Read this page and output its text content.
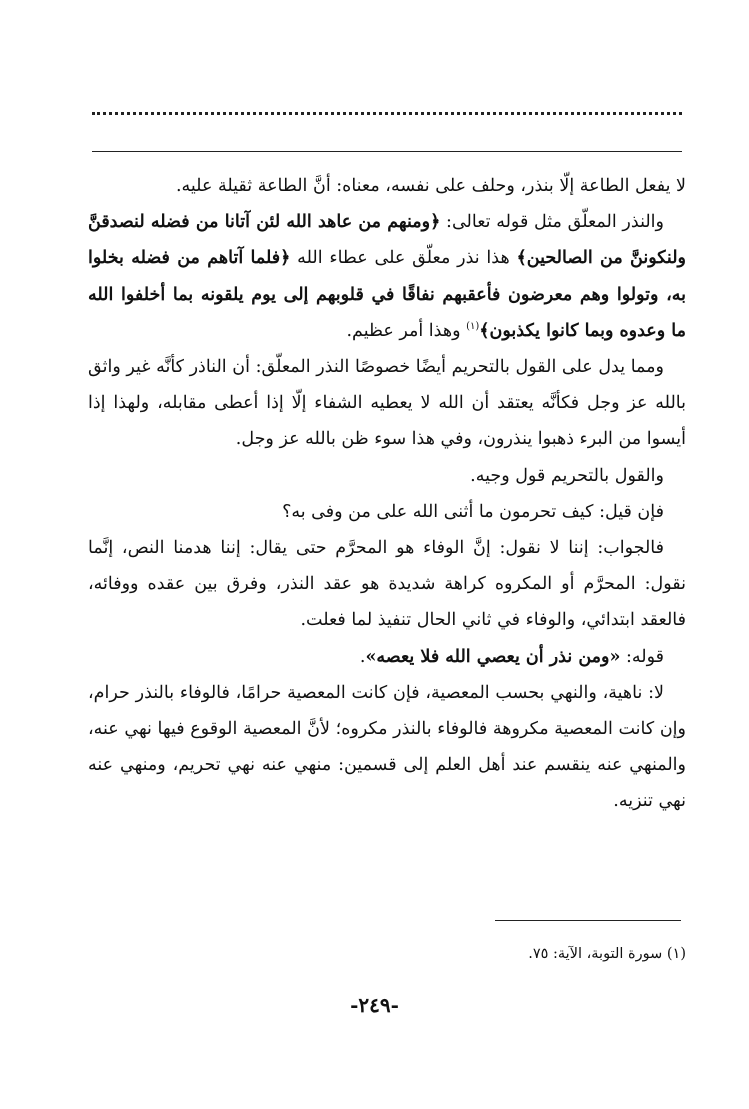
لا يفعل الطاعة إلّا بنذر، وحلف على نفسه، معناه: أنَّ الطاعة ثقيلة عليه.

والنذر المعلّق مثل قوله تعالى: ﴿ومنهم من عاهد الله لئن آتانا من فضله لنصدقنَّ ولنكوننَّ من الصالحين﴾ هذا نذر معلّق على عطاء الله ﴿فلما آتاهم من فضله بخلوا به، وتولوا وهم معرضون فأعقبهم نفاقًا في قلوبهم إلى يوم يلقونه بما أخلفوا الله ما وعدوه وبما كانوا يكذبون﴾$^{(١)}$ وهذا أمر عظيم.

ومما يدل على القول بالتحريم أيضًا خصوصًا النذر المعلّق: أن الناذر كأنَّه غير واثق بالله عز وجل فكأنَّه يعتقد أن الله لا يعطيه الشفاء إلّا إذا أعطى مقابله، ولهذا إذا أيسوا من البرء ذهبوا ينذرون، وفي هذا سوء ظن بالله عز وجل.

والقول بالتحريم قول وجيه.

فإن قيل: كيف تحرمون ما أثنى الله على من وفى به؟

فالجواب: إننا لا نقول: إنَّ الوفاء هو المحرَّم حتى يقال: إننا هدمنا النص، إنَّما نقول: المحرَّم أو المكروه كراهة شديدة هو عقد النذر، وفرق بين عقده ووفائه، فالعقد ابتدائي، والوفاء في ثاني الحال تنفيذ لما فعلت.

قوله: «ومن نذر أن يعصي الله فلا يعصه».

لا: ناهية، والنهي بحسب المعصية، فإن كانت المعصية حرامًا، فالوفاء بالنذر حرام، وإن كانت المعصية مكروهة فالوفاء بالنذر مكروه؛ لأنَّ المعصية الوقوع فيها نهي عنه، والمنهي عنه ينقسم عند أهل العلم إلى قسمين: منهي عنه نهي تحريم، ومنهي عنه نهي تنزيه.

(١) سورة التوبة، الآية: ٧٥.
-٢٤٩-
